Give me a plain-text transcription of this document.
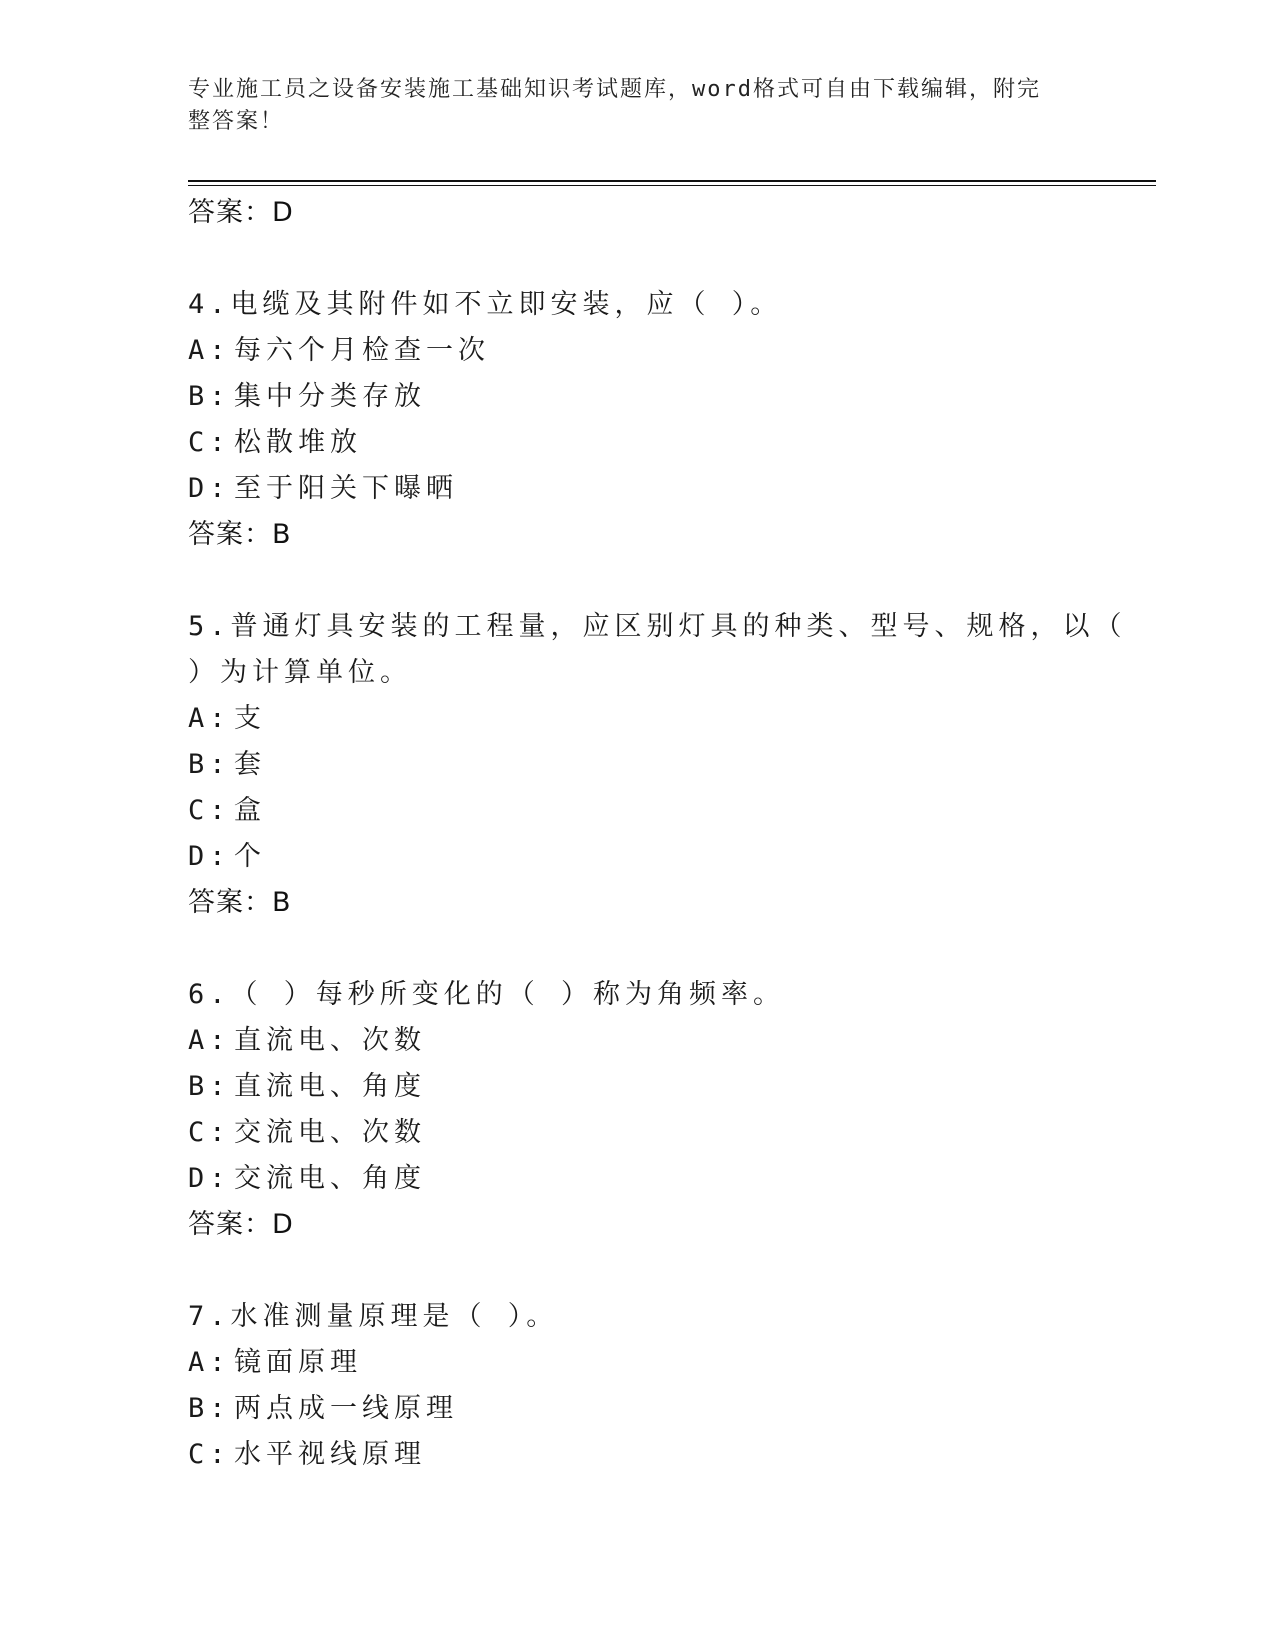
专业施工员之设备安装施工基础知识考试题库，word格式可自由下载编辑，附完
整答案！
答案：D
4.电缆及其附件如不立即安装，应（ ）。
A: 每六个月检查一次
B: 集中分类存放
C: 松散堆放
D: 至于阳关下曝晒
答案：B
5.普通灯具安装的工程量，应区别灯具的种类、型号、规格，以（ ）为计算单位。
A: 支
B: 套
C: 盒
D: 个
答案：B
6.（ ）每秒所变化的（ ）称为角频率。
A: 直流电、次数
B: 直流电、角度
C: 交流电、次数
D: 交流电、角度
答案：D
7.水准测量原理是（ ）。
A: 镜面原理
B: 两点成一线原理
C: 水平视线原理
